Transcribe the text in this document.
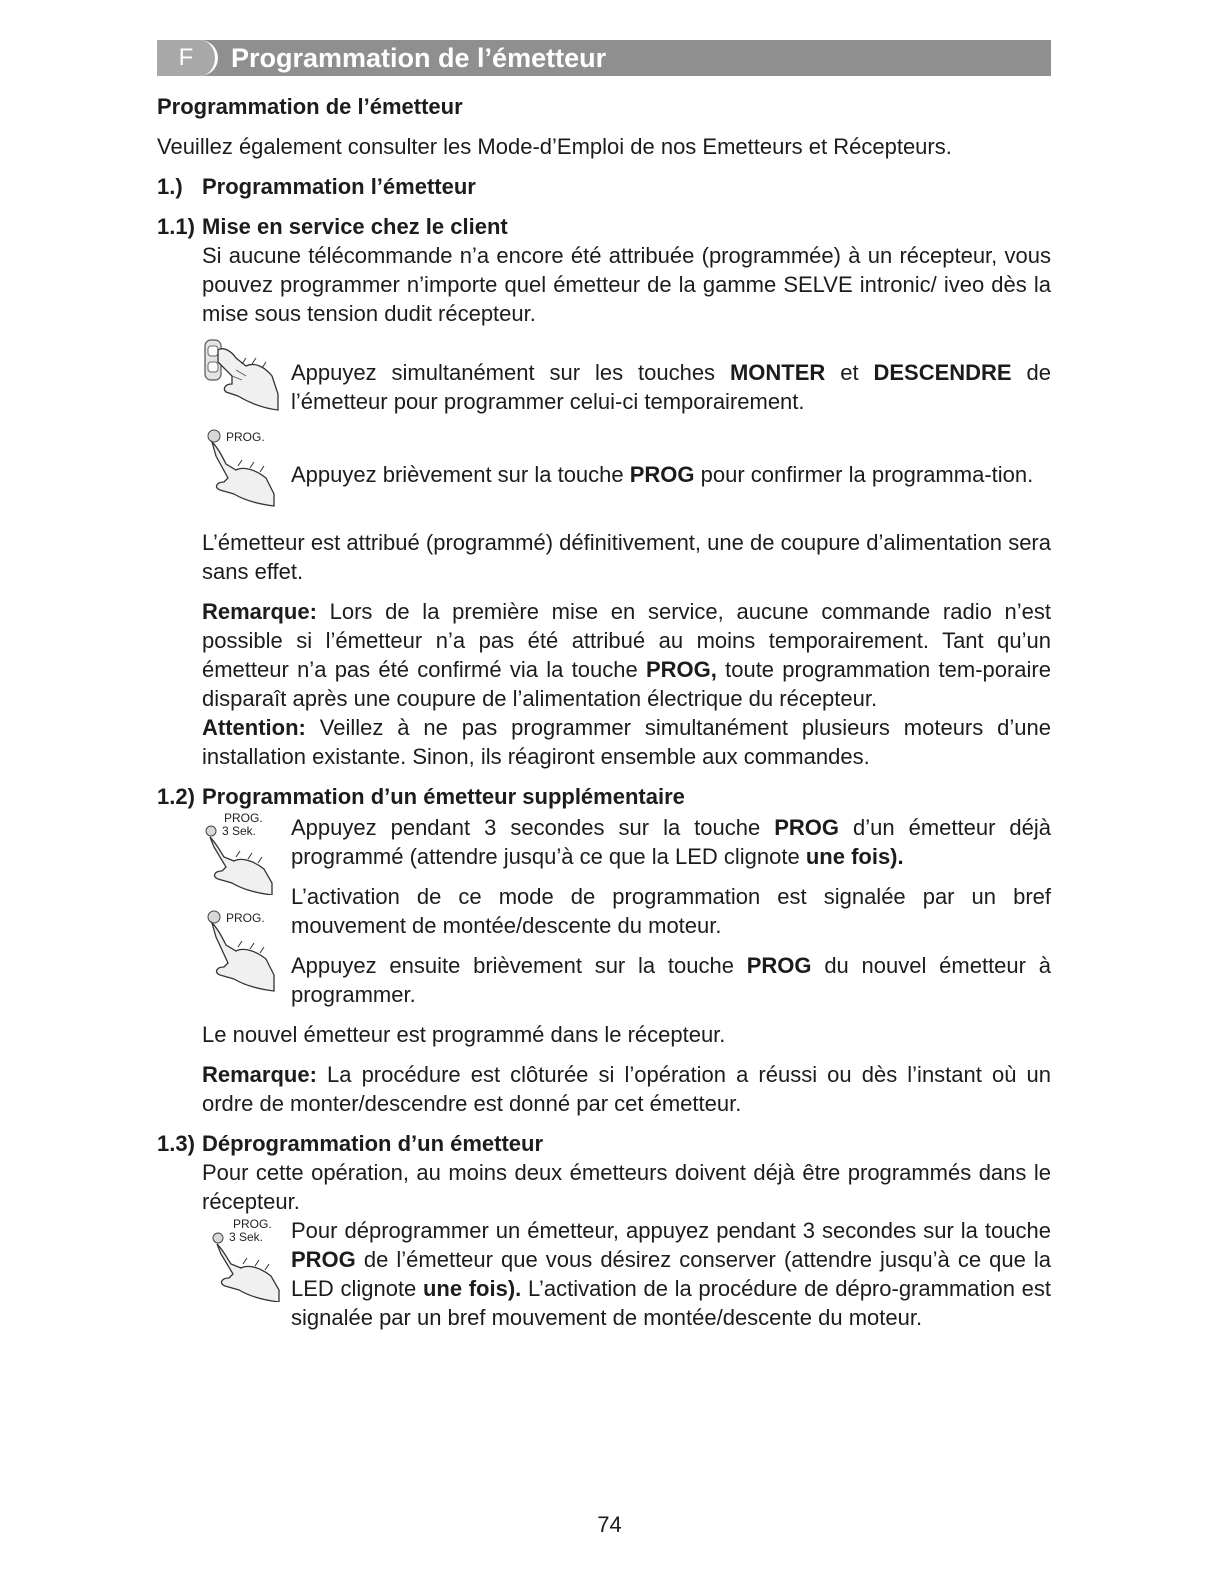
F	Programmation de l’émetteur

Programmation de l’émetteur

Veuillez également consulter les Mode-d’Emploi de nos Emetteurs et Récepteurs.

1.) Programmation l’émetteur

1.1) Mise en service chez le client

Si aucune télécommande n’a encore été attribuée (programmée) à un récepteur, vous pouvez programmer n’importe quel émetteur de la gamme SELVE intronic/ iveo dès la mise sous tension dudit récepteur.

Appuyez simultanément sur les touches MONTER et DESCENDRE de l’émetteur pour programmer celui-ci temporairement.

PROG.

Appuyez brièvement sur la touche PROG pour confirmer la programma-tion.

L’émetteur est attribué (programmé) définitivement, une de coupure d’alimentation sera sans effet.

Remarque: Lors de la première mise en service, aucune commande radio n’est possible si l’émetteur n’a pas été attribué au moins temporairement. Tant qu’un émetteur n’a pas été confirmé via la touche PROG, toute programmation tem-poraire disparaît après une coupure de l’alimentation électrique du récepteur.

Attention: Veillez à ne pas programmer simultanément plusieurs moteurs d’une installation existante. Sinon, ils réagiront ensemble aux commandes.

1.2) Programmation d’un émetteur supplémentaire

PROG.
3 Sek. Appuyez pendant 3 secondes sur la touche PROG d’un émetteur déjà programmé (attendre jusqu’à ce que la LED clignote une fois).

L’activation de ce mode de programmation est signalée par un bref mouvement de montée/descente du moteur.

PROG.

Appuyez ensuite brièvement sur la touche PROG du nouvel émetteur à programmer.

Le nouvel émetteur est programmé dans le récepteur.

Remarque: La procédure est clôturée si l’opération a réussi ou dès l’instant où un ordre de monter/descendre est donné par cet émetteur.

1.3) Déprogrammation d’un émetteur

Pour cette opération, au moins deux émetteurs doivent déjà être programmés dans le récepteur.

PROG.
3 Sek. Pour déprogrammer un émetteur, appuyez pendant 3 secondes sur la touche PROG de l’émetteur que vous désirez conserver (attendre jusqu’à ce que la LED clignote une fois). L’activation de la procédure de dépro-grammation est signalée par un bref mouvement de montée/descente du moteur.

74
